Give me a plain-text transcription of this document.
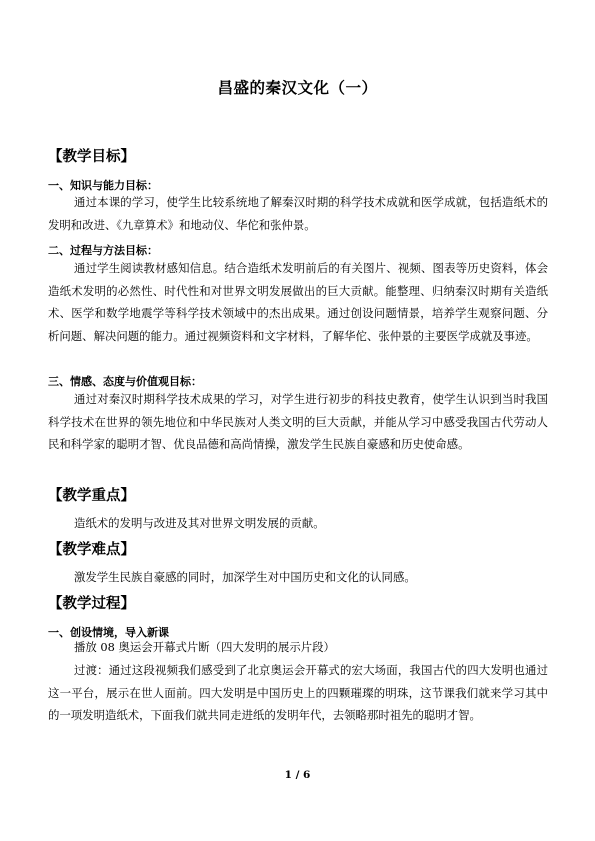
昌盛的秦汉文化（一）
【教学目标】
一、知识与能力目标：

通过本课的学习，使学生比较系统地了解秦汉时期的科学技术成就和医学成就，包括造纸术的发明和改进、《九章算术》和地动仪、华佗和张仲景。

二、过程与方法目标：

通过学生阅读教材感知信息。结合造纸术发明前后的有关图片、视频、图表等历史资料，体会造纸术发明的必然性、时代性和对世界文明发展做出的巨大贡献。能整理、归纳秦汉时期有关造纸术、医学和数学地震学等科学技术领域中的杰出成果。通过创设问题情景，培养学生观察问题、分析问题、解决问题的能力。通过视频资料和文字材料，了解华佗、张仲景的主要医学成就及事迹。

三、情感、态度与价值观目标：

通过对秦汉时期科学技术成果的学习，对学生进行初步的科技史教育，使学生认识到当时我国科学技术在世界的领先地位和中华民族对人类文明的巨大贡献，并能从学习中感受我国古代劳动人民和科学家的聪明才智、优良品德和高尚情操，激发学生民族自豪感和历史使命感。

【教学重点】
造纸术的发明与改进及其对世界文明发展的贡献。
【教学难点】
激发学生民族自豪感的同时，加深学生对中国历史和文化的认同感。
【教学过程】
一、创设情境，导入新课
播放 08 奥运会开幕式片断（四大发明的展示片段）

过渡：通过这段视频我们感受到了北京奥运会开幕式的宏大场面，我国古代的四大发明也通过这一平台，展示在世人面前。四大发明是中国历史上的四颗璀璨的明珠，这节课我们就来学习其中的一项发明造纸术，下面我们就共同走进纸的发明年代，去领略那时祖先的聪明才智。

1 / 6
